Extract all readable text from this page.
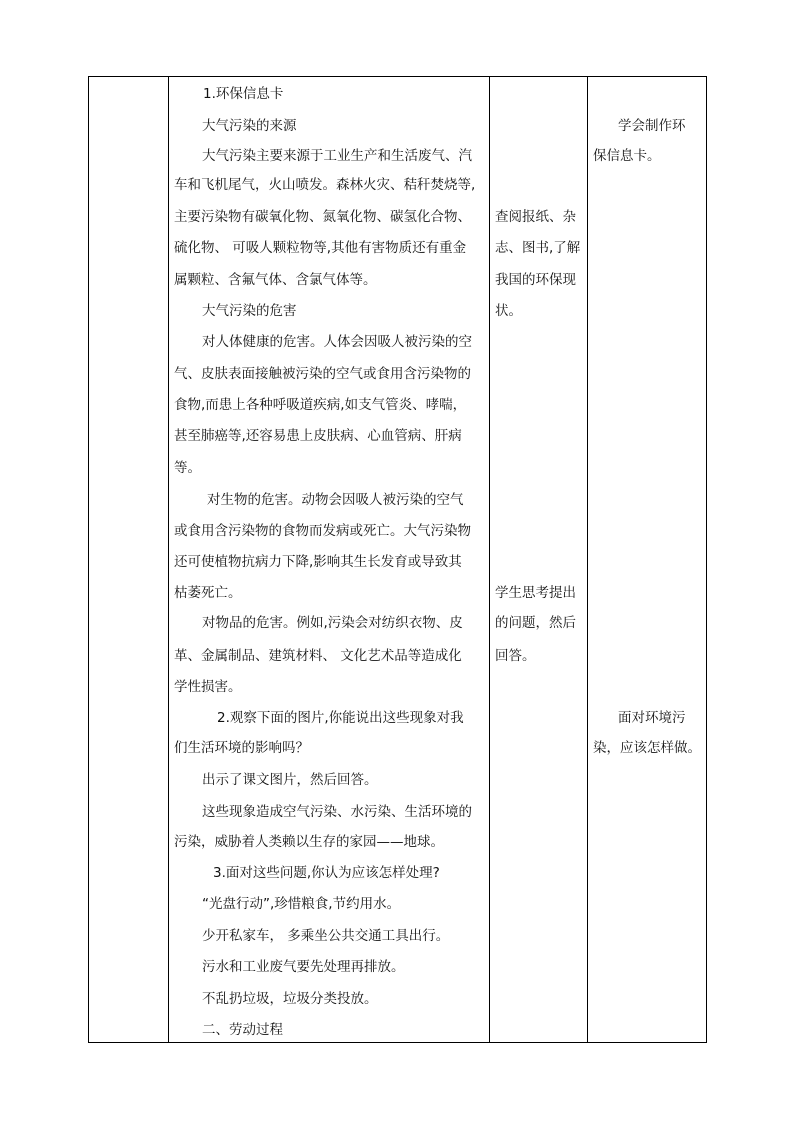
1.环保信息卡
大气污染的来源
大气污染主要来源于工业生产和生活废气、汽
车和飞机尾气，火山喷发。森林火灾、秸秆焚烧等,
主要污染物有碳氧化物、氮氧化物、碳氢化合物、
硫化物、 可吸人颗粒物等,其他有害物质还有重金
属颗粒、含氟气体、含氯气体等。
大气污染的危害
对人体健康的危害。人体会因吸人被污染的空
气、皮肤表面接触被污染的空气或食用含污染物的
食物,而患上各种呼吸道疾病,如支气管炎、哮喘，
甚至肺癌等,还容易患上皮肤病、心血管病、肝病
等。
对生物的危害。动物会因吸人被污染的空气
或食用含污染物的食物而发病或死亡。大气污染物
还可使植物抗病力下降,影响其生长发育或导致其
枯萎死亡。
对物品的危害。例如,污染会对纺织衣物、皮
革、金属制品、建筑材料、 文化艺术品等造成化
学性损害。
2.观察下面的图片,你能说出这些现象对我
们生活环境的影响吗？
出示了课文图片，然后回答。
这些现象造成空气污染、水污染、生活环境的
污染，威胁着人类赖以生存的家园——地球。
3.面对这些问题,你认为应该怎样处理?
“光盘行动”,珍惜粮食,节约用水。
少开私家车， 多乘坐公共交通工具出行。
污水和工业废气要先处理再排放。
不乱扔垃圾，垃圾分类投放。
二、劳动过程
查阅报纸、杂
志、图书,了解
我国的环保现
状。
学生思考提出
的问题，然后
回答。
学会制作环
保信息卡。
面对环境污
染，应该怎样做。
